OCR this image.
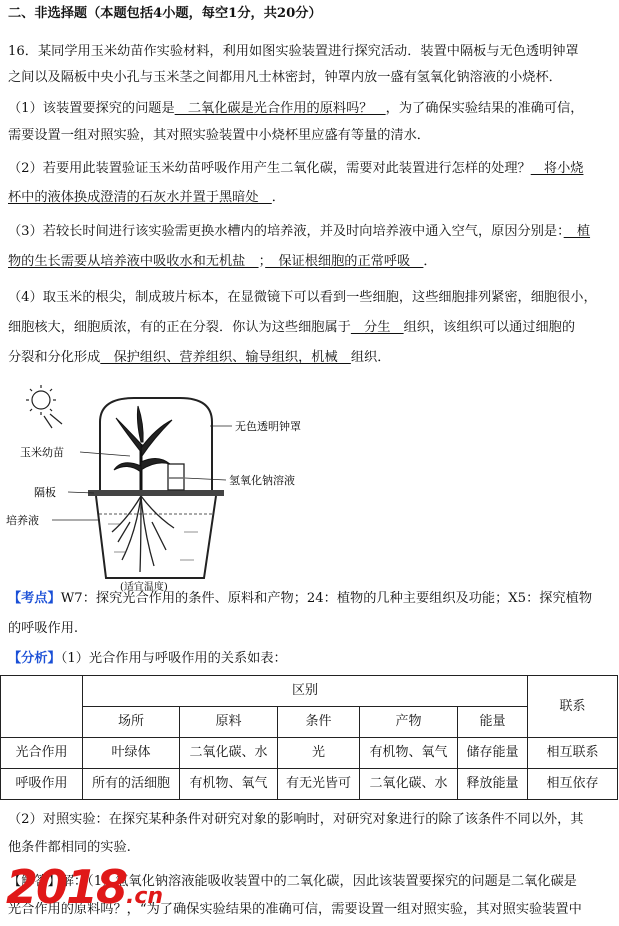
二、非选择题（本题包括4小题，每空1分，共20分）
16．某同学用玉米幼苗作实验材料，利用如图实验装置进行探究活动．装置中隔板与无色透明钟罩
之间以及隔板中央小孔与玉米茎之间都用凡士林密封，钟罩内放一盛有氢氧化钠溶液的小烧杯．
（1）该装置要探究的问题是　二氧化碳是光合作用的原料吗？　，为了确保实验结果的准确可信，
需要设置一组对照实验，其对照实验装置中小烧杯里应盛有等量的清水．
（2）若要用此装置验证玉米幼苗呼吸作用产生二氧化碳，需要对此装置进行怎样的处理？　将小烧
杯中的液体换成澄清的石灰水并置于黑暗处　．
（3）若较长时间进行该实验需更换水槽内的培养液，并及时向培养液中通入空气，原因分别是：　植
物的生长需要从培养液中吸收水和无机盐　；　保证根细胞的正常呼吸　．
（4）取玉米的根尖，制成玻片标本，在显微镜下可以看到一些细胞，这些细胞排列紧密，细胞很小，
细胞核大，细胞质浓，有的正在分裂．你认为这些细胞属于　分生　组织，该组织可以通过细胞的
分裂和分化形成　保护组织、营养组织、输导组织，机械　组织．
玉米幼苗
隔板
培养液
无色透明钟罩
氢氧化钠溶液
(适宜温度)
【考点】W7：探究光合作用的条件、原料和产物；24：植物的几种主要组织及功能；X5：探究植物
的呼吸作用.
【分析】（1）光合作用与呼吸作用的关系如表：
	区别					联系
	场所	原料	条件	产物	能量	
光合作用	叶绿体	二氧化碳、水	光	有机物、氧气	储存能量	相互联系
呼吸作用	所有的活细胞	有机物、氧气	有无光皆可	二氧化碳、水	释放能量	相互依存
（2）对照实验：在探究某种条件对研究对象的影响时，对研究对象进行的除了该条件不同以外，其
他条件都相同的实验.
【解答】解：（1）氢氧化钠溶液能吸收装置中的二氧化碳，因此该装置要探究的问题是二氧化碳是
光合作用的原料吗？，“为了确保实验结果的准确可信，需要设置一组对照实验，其对照实验装置中
2018.cn
